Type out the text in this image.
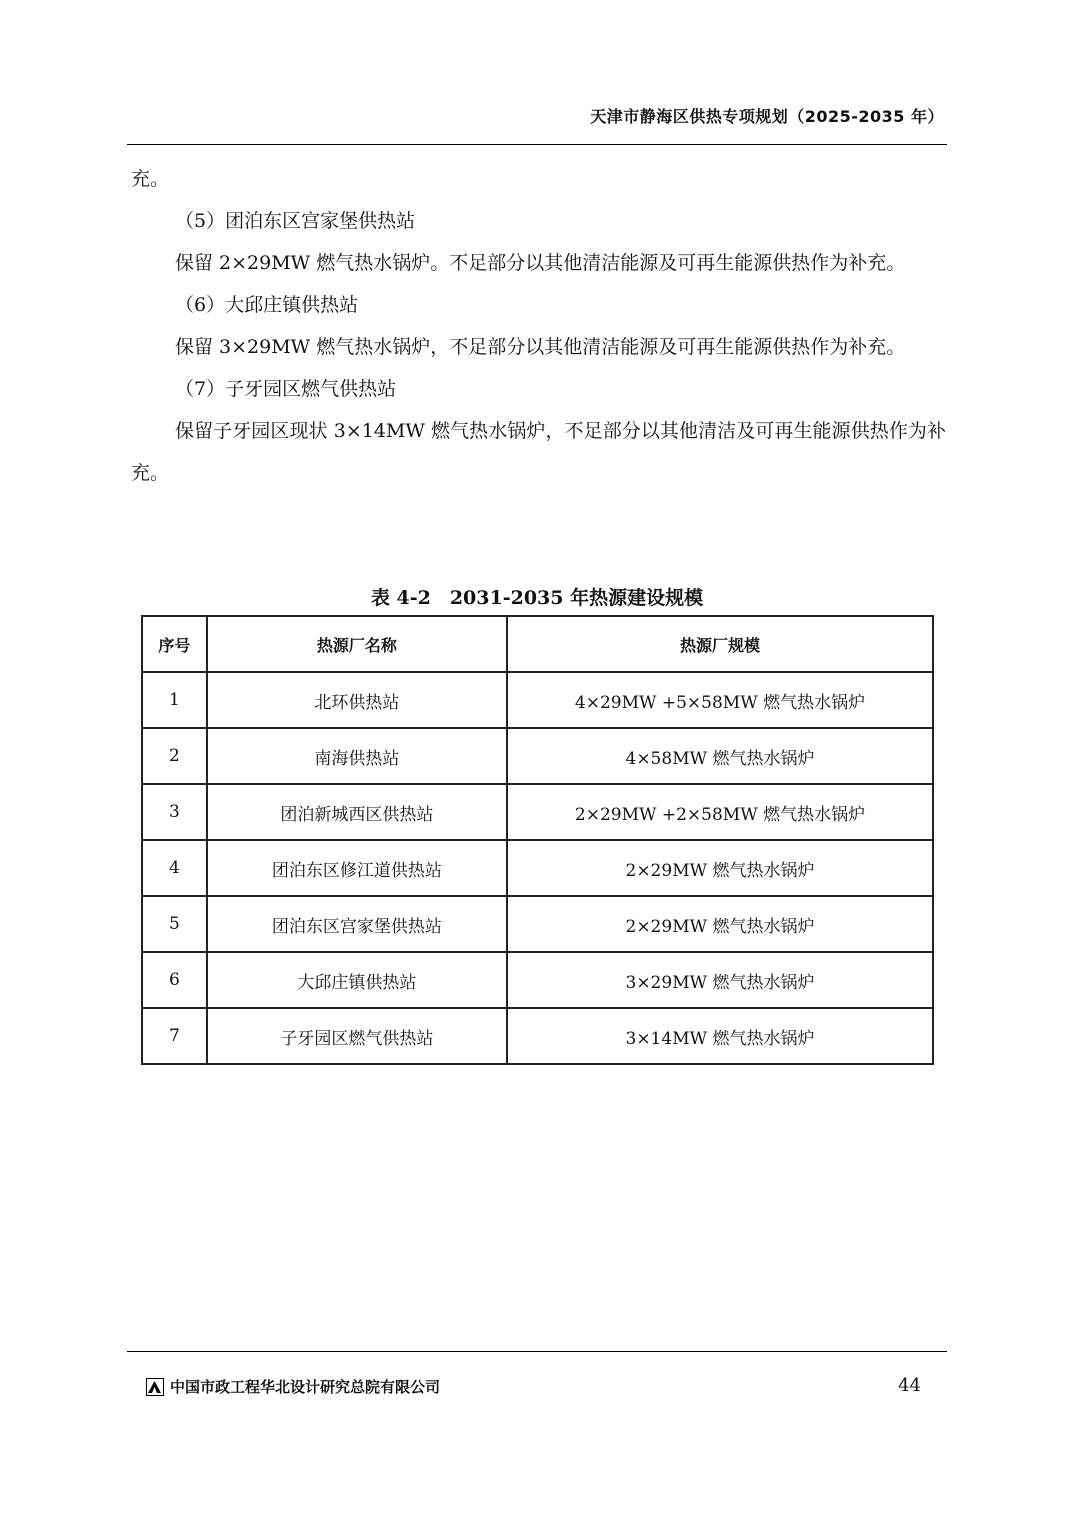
天津市静海区供热专项规划（2025-2035 年）

充。

（5）团泊东区宫家堡供热站

保留 2×29MW 燃气热水锅炉。不足部分以其他清洁能源及可再生能源供热作为补充。

（6）大邱庄镇供热站

保留 3×29MW 燃气热水锅炉，不足部分以其他清洁能源及可再生能源供热作为补充。

（7）子牙园区燃气供热站

保留子牙园区现状 3×14MW 燃气热水锅炉，不足部分以其他清洁及可再生能源供热作为补充。

表 4-2　2031-2035 年热源建设规模
序号	热源厂名称	热源厂规模
1	北环供热站	4×29MW +5×58MW 燃气热水锅炉
2	南海供热站	4×58MW 燃气热水锅炉
3	团泊新城西区供热站	2×29MW +2×58MW 燃气热水锅炉
4	团泊东区修江道供热站	2×29MW 燃气热水锅炉
5	团泊东区宫家堡供热站	2×29MW 燃气热水锅炉
6	大邱庄镇供热站	3×29MW 燃气热水锅炉
7	子牙园区燃气供热站	3×14MW 燃气热水锅炉
中国市政工程华北设计研究总院有限公司	44
